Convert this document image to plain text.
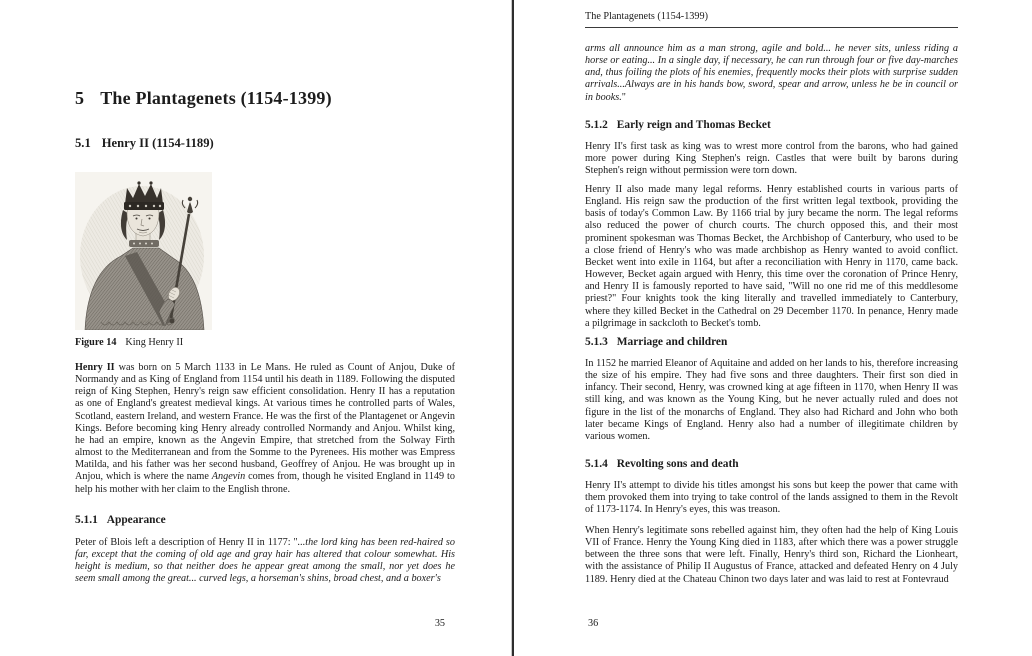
5 The Plantagenets (1154-1399)
5.1 Henry II (1154-1189)
HENRY II.
Figure 14 King Henry II

Henry II was born on 5 March 1133 in Le Mans. He ruled as Count of Anjou, Duke of Normandy and as King of England from 1154 until his death in 1189. Following the disputed reign of King Stephen, Henry's reign saw efficient consolidation. Henry II has a reputation as one of England's greatest medieval kings. At various times he controlled parts of Wales, Scotland, eastern Ireland, and western France. He was the first of the Plantagenet or Angevin Kings. Before becoming king Henry already controlled Normandy and Anjou. Whilst king, he had an empire, known as the Angevin Empire, that stretched from the Solway Firth almost to the Mediterranean and from the Somme to the Pyrenees. His mother was Empress Matilda, and his father was her second husband, Geoffrey of Anjou. He was brought up in Anjou, which is where the name Angevin comes from, though he visited England in 1149 to help his mother with her claim to the English throne.

5.1.1 Appearance

Peter of Blois left a description of Henry II in 1177: "...the lord king has been red-haired so far, except that the coming of old age and gray hair has altered that colour somewhat. His height is medium, so that neither does he appear great among the small, nor yet does he seem small among the great... curved legs, a horseman's shins, broad chest, and a boxer's

35
The Plantagenets (1154-1399)

arms all announce him as a man strong, agile and bold... he never sits, unless riding a horse or eating... In a single day, if necessary, he can run through four or five day-marches and, thus foiling the plots of his enemies, frequently mocks their plots with surprise sudden arrivals...Always are in his hands bow, sword, spear and arrow, unless he be in council or in books."

5.1.2 Early reign and Thomas Becket

Henry II's first task as king was to wrest more control from the barons, who had gained more power during King Stephen's reign. Castles that were built by barons during Stephen's reign without permission were torn down.

Henry II also made many legal reforms. Henry established courts in various parts of England. His reign saw the production of the first written legal textbook, providing the basis of today's Common Law. By 1166 trial by jury became the norm. The legal reforms also reduced the power of church courts. The church opposed this, and their most prominent spokesman was Thomas Becket, the Archbishop of Canterbury, who used to be a close friend of Henry's who was made archbishop as Henry wanted to avoid conflict. Becket went into exile in 1164, but after a reconciliation with Henry in 1170, came back. However, Becket again argued with Henry, this time over the coronation of Prince Henry, and Henry II is famously reported to have said, "Will no one rid me of this meddlesome priest?" Four knights took the king literally and travelled immediately to Canterbury, where they killed Becket in the Cathedral on 29 December 1170. In penance, Henry made a pilgrimage in sackcloth to Becket's tomb.

5.1.3 Marriage and children

In 1152 he married Eleanor of Aquitaine and added on her lands to his, therefore increasing the size of his empire. They had five sons and three daughters. Their first son died in infancy. Their second, Henry, was crowned king at age fifteen in 1170, when Henry II was still king, and was known as the Young King, but he never actually ruled and does not figure in the list of the monarchs of England. They also had Richard and John who both later became Kings of England. Henry also had a number of illegitimate children by various women.

5.1.4 Revolting sons and death

Henry II's attempt to divide his titles amongst his sons but keep the power that came with them provoked them into trying to take control of the lands assigned to them in the Revolt of 1173-1174. In Henry's eyes, this was treason.

When Henry's legitimate sons rebelled against him, they often had the help of King Louis VII of France. Henry the Young King died in 1183, after which there was a power struggle between the three sons that were left. Finally, Henry's third son, Richard the Lionheart, with the assistance of Philip II Augustus of France, attacked and defeated Henry on 4 July 1189. Henry died at the Chateau Chinon two days later and was laid to rest at Fontevraud

36
